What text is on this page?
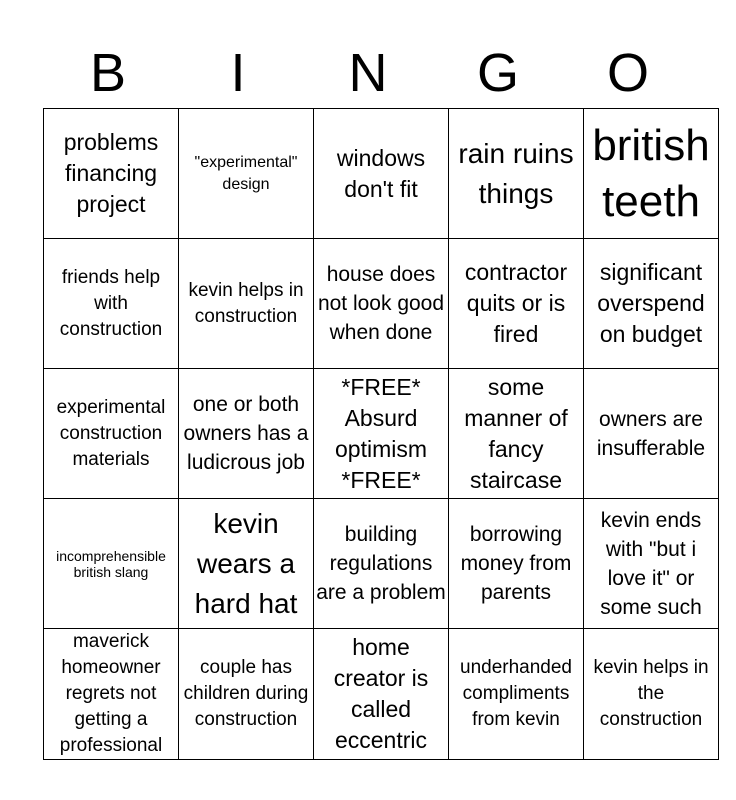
B	I	N	G	O
problems financing project	"experimental" design	windows don't fit	rain ruins things	british teeth
friends help with construction	kevin helps in construction	house does not look good when done	contractor quits or is fired	significant overspend on budget
experimental construction materials	one or both owners has a ludicrous job	*FREE* Absurd optimism *FREE*	some manner of fancy staircase	owners are insufferable
incomprehensible british slang	kevin wears a hard hat	building regulations are a problem	borrowing money from parents	kevin ends with "but i love it" or some such
maverick homeowner regrets not getting a professional	couple has children during construction	home creator is called eccentric	underhanded compliments from kevin	kevin helps in the construction
